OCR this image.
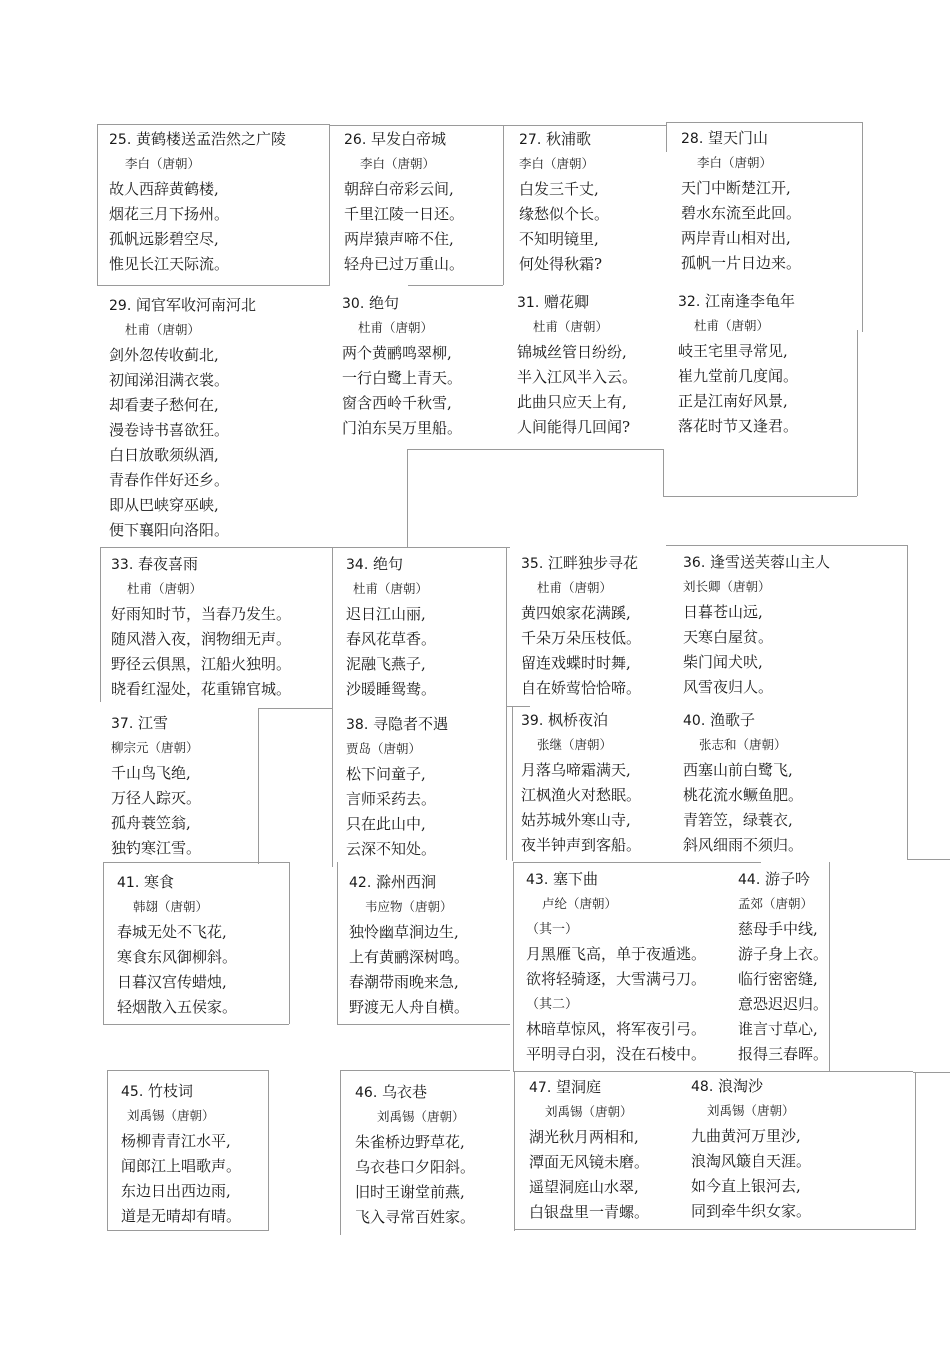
25. 黄鹤楼送孟浩然之广陵

李白（唐朝）

故人西辞黄鹤楼,
烟花三月下扬州。
孤帆远影碧空尽,
惟见长江天际流。

26. 早发白帝城

李白（唐朝）

朝辞白帝彩云间,
千里江陵一日还。
两岸猿声啼不住,
轻舟已过万重山。

27. 秋浦歌

李白（唐朝）

白发三千丈,
缘愁似个长。
不知明镜里,
何处得秋霜?

28. 望天门山

李白（唐朝）

天门中断楚江开,
碧水东流至此回。
两岸青山相对出,
孤帆一片日边来。

29. 闻官军收河南河北

杜甫（唐朝）

剑外忽传收蓟北,
初闻涕泪满衣裳。
却看妻子愁何在,
漫卷诗书喜欲狂。
白日放歌须纵酒,
青春作伴好还乡。
即从巴峡穿巫峡,
便下襄阳向洛阳。

30. 绝句

杜甫（唐朝）

两个黄鹂鸣翠柳,
一行白鹭上青天。
窗含西岭千秋雪,
门泊东吴万里船。

31. 赠花卿

杜甫（唐朝）

锦城丝管日纷纷,
半入江风半入云。
此曲只应天上有,
人间能得几回闻?

32. 江南逢李龟年

杜甫（唐朝）

岐王宅里寻常见,
崔九堂前几度闻。
正是江南好风景,
落花时节又逢君。

33. 春夜喜雨

杜甫（唐朝）

好雨知时节，当春乃发生。
随风潜入夜，润物细无声。
野径云俱黑，江船火独明。
晓看红湿处，花重锦官城。

34. 绝句

杜甫（唐朝）

迟日江山丽,
春风花草香。
泥融飞燕子,
沙暖睡鸳鸯。

35. 江畔独步寻花

杜甫（唐朝）

黄四娘家花满蹊,
千朵万朵压枝低。
留连戏蝶时时舞,
自在娇莺恰恰啼。

36. 逢雪送芙蓉山主人

刘长卿（唐朝）

日暮苍山远,
天寒白屋贫。
柴门闻犬吠,
风雪夜归人。

37. 江雪

柳宗元（唐朝）

千山鸟飞绝,
万径人踪灭。
孤舟蓑笠翁,
独钓寒江雪。

38. 寻隐者不遇

贾岛（唐朝）

松下问童子,
言师采药去。
只在此山中,
云深不知处。

39. 枫桥夜泊

张继（唐朝）

月落乌啼霜满天,
江枫渔火对愁眠。
姑苏城外寒山寺,
夜半钟声到客船。

40. 渔歌子

张志和（唐朝）

西塞山前白鹭飞,
桃花流水鳜鱼肥。
青箬笠，绿蓑衣,
斜风细雨不须归。

41. 寒食

韩翃（唐朝）

春城无处不飞花,
寒食东风御柳斜。
日暮汉宫传蜡烛,
轻烟散入五侯家。

42. 滁州西涧

韦应物（唐朝）

独怜幽草涧边生,
上有黄鹂深树鸣。
春潮带雨晚来急,
野渡无人舟自横。

43. 塞下曲

卢纶（唐朝）

（其一）
月黑雁飞高，单于夜遁逃。
欲将轻骑逐，大雪满弓刀。
（其二）
林暗草惊风，将军夜引弓。
平明寻白羽，没在石棱中。

44. 游子吟

孟郊（唐朝）

慈母手中线,
游子身上衣。
临行密密缝,
意恐迟迟归。
谁言寸草心,
报得三春晖。

45. 竹枝词

刘禹锡（唐朝）

杨柳青青江水平,
闻郎江上唱歌声。
东边日出西边雨,
道是无晴却有晴。

46. 乌衣巷

刘禹锡（唐朝）

朱雀桥边野草花,
乌衣巷口夕阳斜。
旧时王谢堂前燕,
飞入寻常百姓家。

47. 望洞庭

刘禹锡（唐朝）

湖光秋月两相和,
潭面无风镜未磨。
遥望洞庭山水翠,
白银盘里一青螺。

48. 浪淘沙

刘禹锡（唐朝）

九曲黄河万里沙,
浪淘风簸自天涯。
如今直上银河去,
同到牵牛织女家。
